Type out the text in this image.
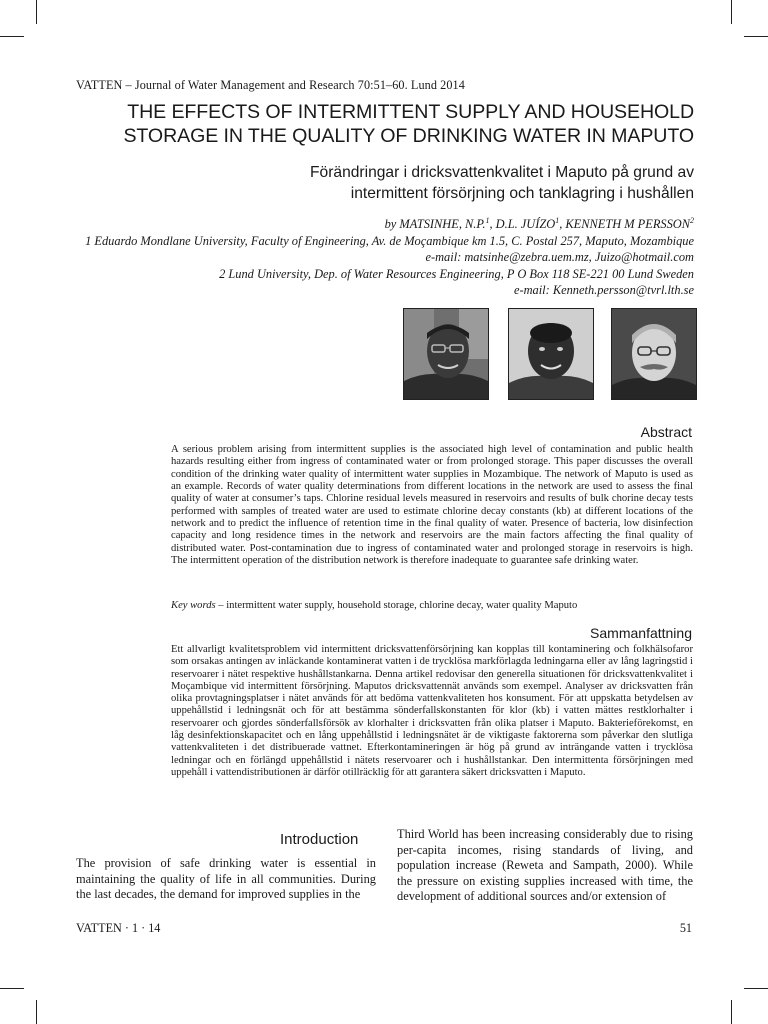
VATTEN – Journal of Water Management and Research 70:51–60. Lund 2014
THE EFFECTS OF INTERMITTENT SUPPLY AND HOUSEHOLD
STORAGE IN THE QUALITY OF DRINKING WATER IN MAPUTO
Förändringar i dricksvattenkvalitet i Maputo på grund av
intermittent försörjning och tanklagring i hushållen
by MATSINHE, N.P.$^1$, D.L. JUÍZO$^1$, KENNETH M PERSSON$^2$
1 Eduardo Mondlane University, Faculty of Engineering, Av. de Moçambique km 1.5, C. Postal 257, Maputo, Mozambique
e-mail: matsinhe@zebra.uem.mz, Juizo@hotmail.com
2 Lund University, Dep. of Water Resources Engineering, P O Box 118 SE-221 00 Lund Sweden
e-mail: Kenneth.persson@tvrl.lth.se
Abstract

A serious problem arising from intermittent supplies is the associated high level of contamination and public health hazards resulting either from ingress of contaminated water or from prolonged storage. This paper discusses the overall condition of the drinking water quality of intermittent water supplies in Mozambique. The network of Maputo is used as an example. Records of water quality determinations from different locations in the network are used to assess the final quality of water at consumer’s taps. Chlorine residual levels measured in reservoirs and results of bulk chorine decay tests performed with samples of treated water are used to estimate chlorine decay constants (kb) at different locations of the network and to predict the influence of retention time in the final quality of water. Presence of bacteria, low disinfection capacity and long residence times in the network and reservoirs are the main factors affecting the final quality of distributed water. Post-contamination due to ingress of contaminated water and prolonged storage in reservoirs is high. The intermittent operation of the distribution network is therefore inadequate to guarantee safe drinking water.

Key words – intermittent water supply, household storage, chlorine decay, water quality Maputo
Sammanfattning

Ett allvarligt kvalitetsproblem vid intermittent dricksvattenförsörjning kan kopplas till kontaminering och folkhälsofaror som orsakas antingen av inläckande kontaminerat vatten i de trycklösa markförlagda ledningarna eller av lång lagringstid i reservoarer i nätet respektive hushållstankarna. Denna artikel redovisar den generella situationen för dricksvattenkvalitet i Moçambique vid intermittent försörjning. Maputos dricksvattennät används som exempel. Analyser av dricksvatten från olika provtagningsplatser i nätet används för att bedöma vattenkvaliteten hos konsument. För att uppskatta betydelsen av uppehållstid i ledningsnät och för att bestämma sönderfallskonstanten för klor (kb) i vatten mättes restklorhalter i reservoarer och gjordes sönderfallsförsök av klorhalter i dricksvatten från olika platser i Maputo. Bakterieförekomst, en låg desinfektionskapacitet och en lång uppehållstid i ledningsnätet är de viktigaste faktorerna som påverkar den slutliga vattenkvaliteten i det distribuerade vattnet. Efterkontamineringen är hög på grund av inträngande vatten i trycklösa ledningar och en förlängd uppehållstid i nätets reservoarer och i hushållstankar. Den intermittenta försörjningen med uppehåll i vattendistributionen är därför otillräcklig för att garantera säkert dricksvatten i Maputo.

Introduction
The provision of safe drinking water is essential in maintaining the quality of life in all communities. During the last decades, the demand for improved supplies in the
Third World has been increasing considerably due to rising per-capita incomes, rising standards of living, and population increase (Reweta and Sampath, 2000). While the pressure on existing supplies increased with time, the development of additional sources and/or extension of
VATTEN · 1 · 14	51
